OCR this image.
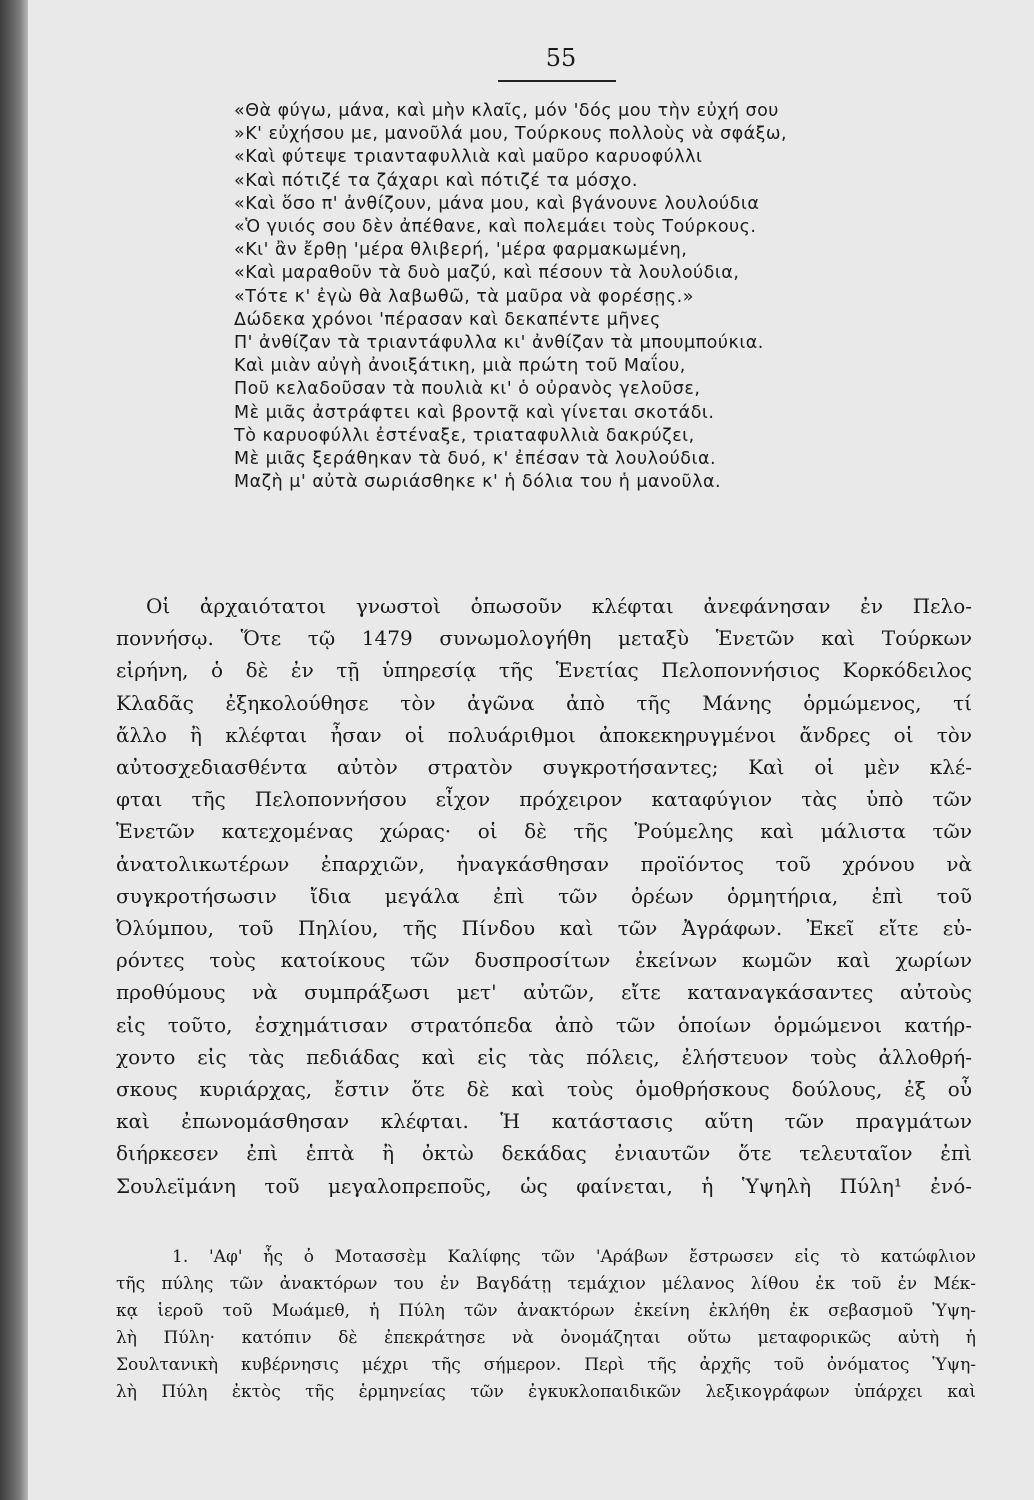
55
«Θὰ φύγω, μάνα, καὶ μὴν κλαῖς, μόν 'δός μου τὴν εὐχή σου
»Κ' εὐχήσου με, μανοῦλά μου, Τούρκους πολλοὺς νὰ σφάξω,
«Καὶ φύτεψε τριανταφυλλιὰ καὶ μαῦρο καρυοφύλλι
«Καὶ πότιζέ τα ζάχαρι καὶ πότιζέ τα μόσχο.
«Καὶ ὅσο π' ἀνθίζουν, μάνα μου, καὶ βγάνουνε λουλούδια
«Ὁ γυιός σου δὲν ἀπέθανε, καὶ πολεμάει τοὺς Τούρκους.
«Κι' ἂν ἔρθῃ 'μέρα θλιβερή, 'μέρα φαρμακωμένη,
«Καὶ μαραθοῦν τὰ δυὸ μαζύ, καὶ πέσουν τὰ λουλούδια,
«Τότε κ' ἐγὼ θὰ λαβωθῶ, τὰ μαῦρα νὰ φορέσῃς.»
Δώδεκα χρόνοι 'πέρασαν καὶ δεκαπέντε μῆνες
Π' ἀνθίζαν τὰ τριαντάφυλλα κι' ἀνθίζαν τὰ μπουμπούκια.
Καὶ μιὰν αὐγὴ ἀνοιξάτικη, μιὰ πρώτη τοῦ Μαΐου,
Ποῦ κελαδοῦσαν τὰ πουλιὰ κι' ὁ οὐρανὸς γελοῦσε,
Μὲ μιᾶς ἀστράφτει καὶ βροντᾷ καὶ γίνεται σκοτάδι.
Τὸ καρυοφύλλι ἐστέναξε, τριαταφυλλιὰ δακρύζει,
Μὲ μιᾶς ξεράθηκαν τὰ δυό, κ' ἐπέσαν τὰ λουλούδια.
Μαζὴ μ' αὐτὰ σωριάσθηκε κ' ἡ δόλια του ἡ μανοῦλα.
Οἱ ἀρχαιότατοι γνωστοὶ ὁπωσοῦν κλέφται ἀνεφάνησαν ἐν Πελο-
ποννήσῳ. Ὅτε τῷ 1479 συνωμολογήθη μεταξὺ Ἑνετῶν καὶ Τούρκων
εἰρήνη, ὁ δὲ ἐν τῇ ὑπηρεσίᾳ τῆς Ἑνετίας Πελοποννήσιος Κορκόδειλος
Κλαδᾶς ἐξηκολούθησε τὸν ἀγῶνα ἀπὸ τῆς Μάνης ὁρμώμενος, τί
ἄλλο ἢ κλέφται ἦσαν οἱ πολυάριθμοι ἀποκεκηρυγμένοι ἄνδρες οἱ τὸν
αὐτοσχεδιασθέντα αὐτὸν στρατὸν συγκροτήσαντες; Καὶ οἱ μὲν κλέ-
φται τῆς Πελοποννήσου εἶχον πρόχειρον καταφύγιον τὰς ὑπὸ τῶν
Ἑνετῶν κατεχομένας χώρας· οἱ δὲ τῆς Ῥούμελης καὶ μάλιστα τῶν
ἀνατολικωτέρων ἐπαρχιῶν, ἠναγκάσθησαν προϊόντος τοῦ χρόνου νὰ
συγκροτήσωσιν ἴδια μεγάλα ἐπὶ τῶν ὀρέων ὁρμητήρια, ἐπὶ τοῦ
Ὀλύμπου, τοῦ Πηλίου, τῆς Πίνδου καὶ τῶν Ἀγράφων. Ἐκεῖ εἴτε εὑ-
ρόντες τοὺς κατοίκους τῶν δυσπροσίτων ἐκείνων κωμῶν καὶ χωρίων
προθύμους νὰ συμπράξωσι μετ' αὐτῶν, εἴτε καταναγκάσαντες αὐτοὺς
εἰς τοῦτο, ἐσχημάτισαν στρατόπεδα ἀπὸ τῶν ὁποίων ὁρμώμενοι κατήρ-
χοντο εἰς τὰς πεδιάδας καὶ εἰς τὰς πόλεις, ἐλήστευον τοὺς ἀλλοθρή-
σκους κυριάρχας, ἔστιν ὅτε δὲ καὶ τοὺς ὁμοθρήσκους δούλους, ἐξ οὗ
καὶ ἐπωνομάσθησαν κλέφται. Ἡ κατάστασις αὕτη τῶν πραγμάτων
διήρκεσεν ἐπὶ ἑπτὰ ἢ ὀκτὼ δεκάδας ἐνιαυτῶν ὅτε τελευταῖον ἐπὶ
Σουλεϊμάνη τοῦ μεγαλοπρεποῦς, ὡς φαίνεται, ἡ Ὑψηλὴ Πύλη¹ ἐνό-
1. 'Αφ' ἧς ὁ Μοτασσὲμ Καλίφης τῶν 'Αράβων ἔστρωσεν εἰς τὸ κατώφλιον
τῆς πύλης τῶν ἀνακτόρων του ἐν Βαγδάτῃ τεμάχιον μέλανος λίθου ἐκ τοῦ ἐν Μέκ-
κᾳ ἱεροῦ τοῦ Μωάμεθ, ἡ Πύλη τῶν ἀνακτόρων ἐκείνη ἐκλήθη ἐκ σεβασμοῦ Ὑψη-
λὴ Πύλη· κατόπιν δὲ ἐπεκράτησε νὰ ὀνομάζηται οὕτω μεταφορικῶς αὐτὴ ἡ
Σουλτανικὴ κυβέρνησις μέχρι τῆς σήμερον. Περὶ τῆς ἀρχῆς τοῦ ὀνόματος Ὑψη-
λὴ Πύλη ἐκτὸς τῆς ἑρμηνείας τῶν ἐγκυκλοπαιδικῶν λεξικογράφων ὑπάρχει καὶ
